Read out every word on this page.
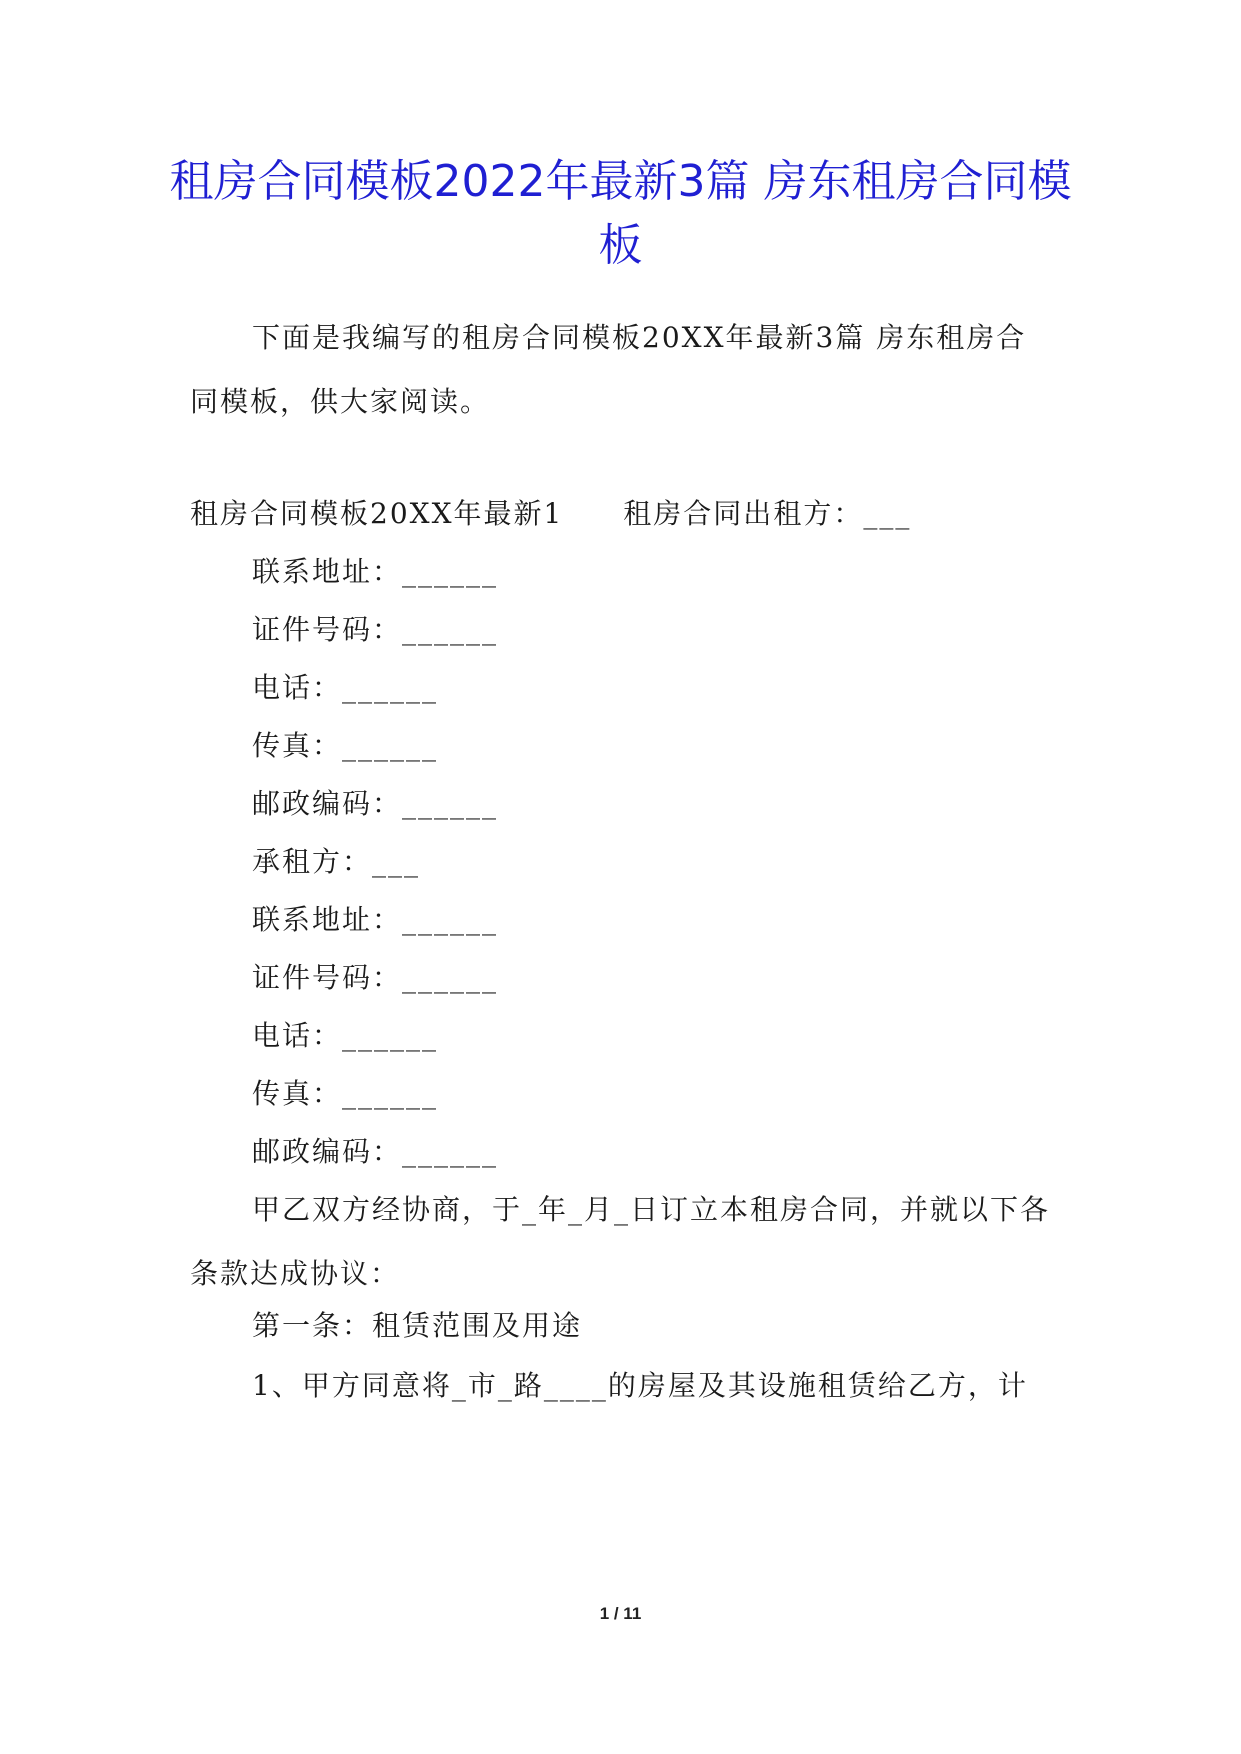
租房合同模板2022年最新3篇 房东租房合同模板

下面是我编写的租房合同模板20XX年最新3篇 房东租房合同模板，供大家阅读。

租房合同模板20XX年最新1　　租房合同出租方：___

联系地址：______

证件号码：______

电话：______

传真：______

邮政编码：______

承租方：___

联系地址：______

证件号码：______

电话：______

传真：______

邮政编码：______

甲乙双方经协商，于_年_月_日订立本租房合同，并就以下各条款达成协议：

第一条：租赁范围及用途

1、甲方同意将_市_路____的房屋及其设施租赁给乙方，计

1 / 11
